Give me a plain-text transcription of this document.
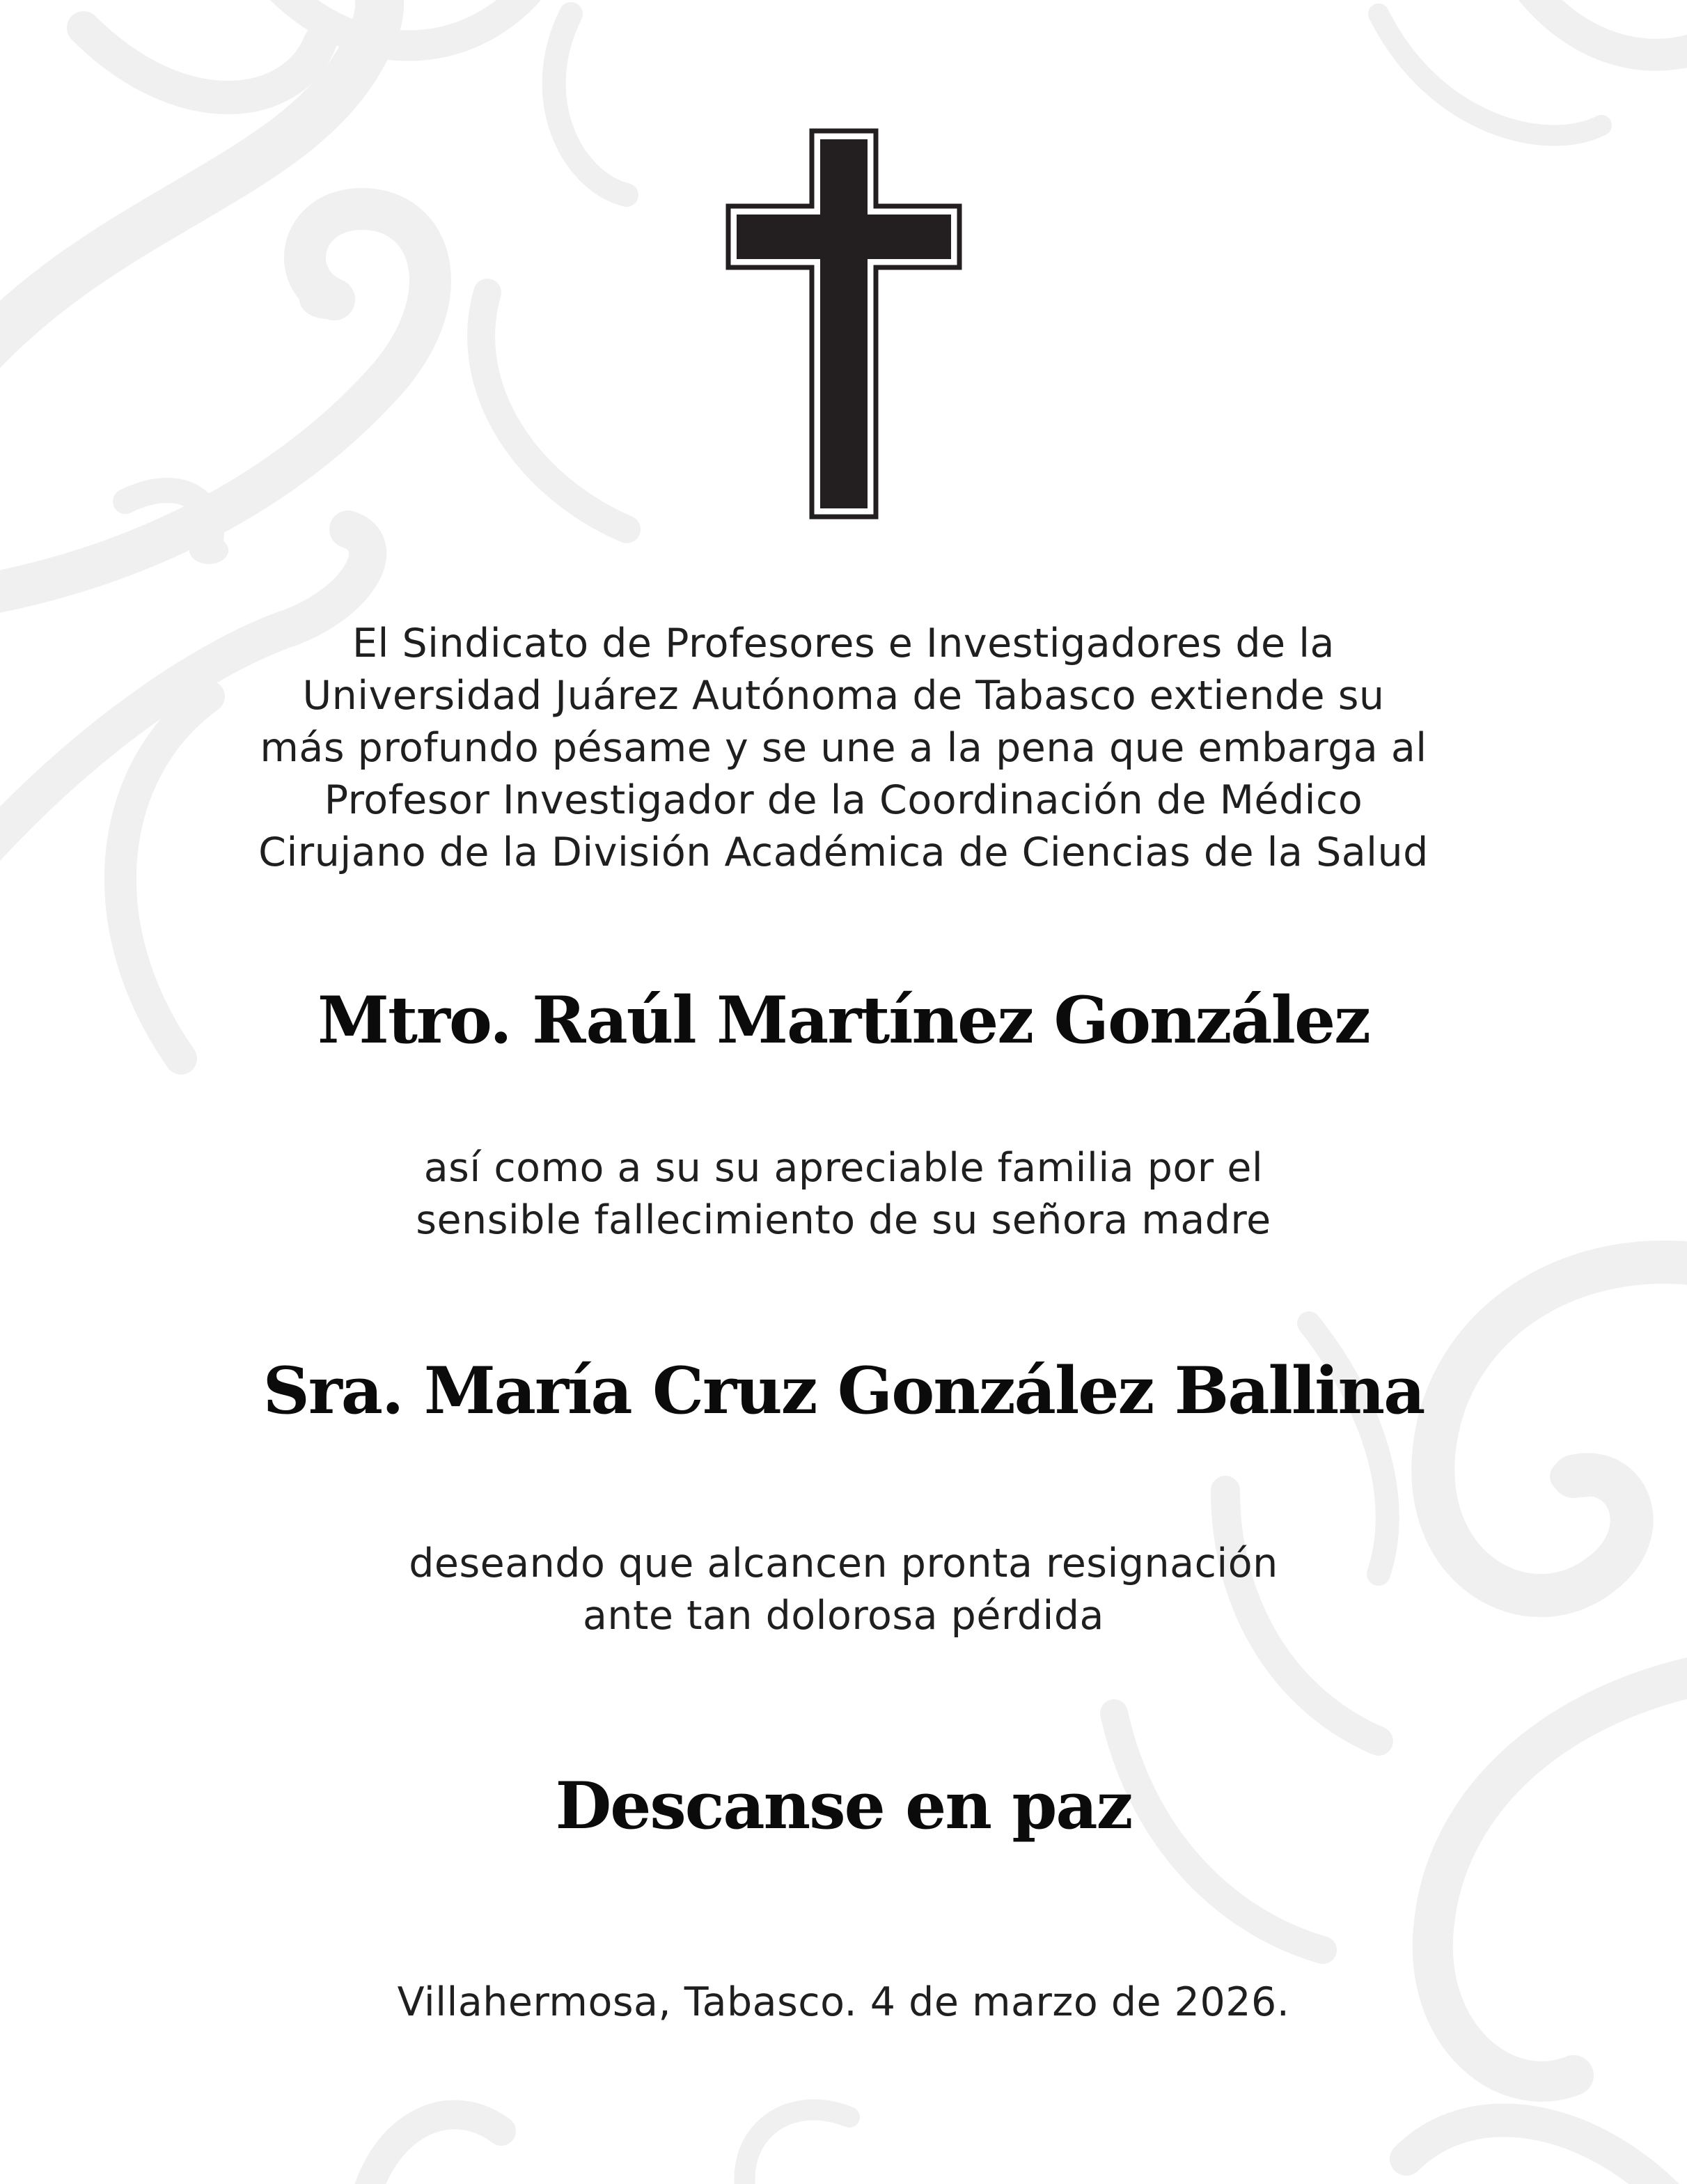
El Sindicato de Profesores e Investigadores de la
Universidad Juárez Autónoma de Tabasco extiende su
más profundo pésame y se une a la pena que embarga al
Profesor Investigador de la Coordinación de Médico
Cirujano de la División Académica de Ciencias de la Salud
Mtro. Raúl Martínez González
así como a su su apreciable familia por el
sensible fallecimiento de su señora madre
Sra. María Cruz González Ballina
deseando que alcancen pronta resignación
ante tan dolorosa pérdida
Descanse en paz
Villahermosa, Tabasco. 4 de marzo de 2026.
